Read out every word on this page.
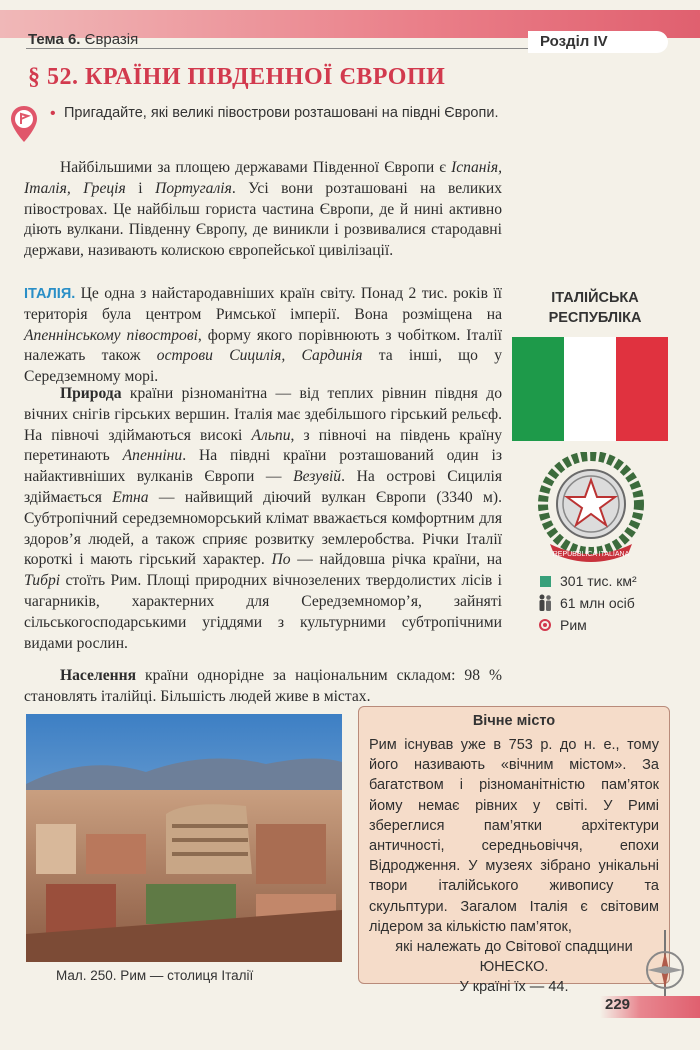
Тема 6. Євразія	Розділ IV
§ 52. КРАЇНИ ПІВДЕННОЇ ЄВРОПИ
• Пригадайте, які великі півострови розташовані на півдні Європи.
Найбільшими за площею державами Південної Європи є Іспанія, Італія, Греція і Португалія. Усі вони розташовані на великих півостровах. Це найбільш гориста частина Європи, де й нині активно діють вулкани. Південну Європу, де виникли і розвивалися стародавні держави, називають колискою європейської цивілізації.
ІТАЛІЯ. Це одна з найстародавніших країн світу. Понад 2 тис. років її територія була центром Римської імперії. Вона розміщена на Апеннінському півострові, форму якого порівнюють з чобітком. Італії належать також острови Сицилія, Сардинія та інші, що у Середземному морі.
Природа країни різноманітна — від теплих рівнин півдня до вічних снігів гірських вершин. Італія має здебільшого гірський рельєф. На півночі здіймаються високі Альпи, з півночі на південь країну перетинають Апенніни. На півдні країни розташований один із найактивніших вулканів Європи — Везувій. На острові Сицилія здіймається Етна — найвищий діючий вулкан Європи (3340 м). Субтропічний середземноморський клімат вважається комфортним для здоров’я людей, а також сприяє розвитку землеробства. Річки Італії короткі і мають гірський характер. По — найдовша річка країни, на Тибрі стоїть Рим. Площі природних вічнозелених твердолистих лісів і чагарників, характерних для Середземномор’я, зайняті сільськогосподарськими угіддями з культурними субтропічними видами рослин.
Населення країни однорідне за національним складом: 98 % становлять італійці. Більшість людей живе в містах.
ІТАЛІЙСЬКА РЕСПУБЛІКА
REPUBBLICA ITALIANA
301 тис. км²
61 млн осіб
Рим
Мал. 250. Рим — столиця Італії
Вічне місто

Рим існував уже в 753 р. до н. е., тому його називають «вічним містом». За багатством і різноманітністю пам’яток йому немає рівних у світі. У Римі збереглися пам’ятки архітектури античності, середньовіччя, епохи Відродження. У музеях зібрано унікальні твори італійського живопису та скульптури. Загалом Італія є світовим лідером за кількістю пам’яток,

які належать до Світової спадщини ЮНЕСКО.

У країні їх — 44.

229
